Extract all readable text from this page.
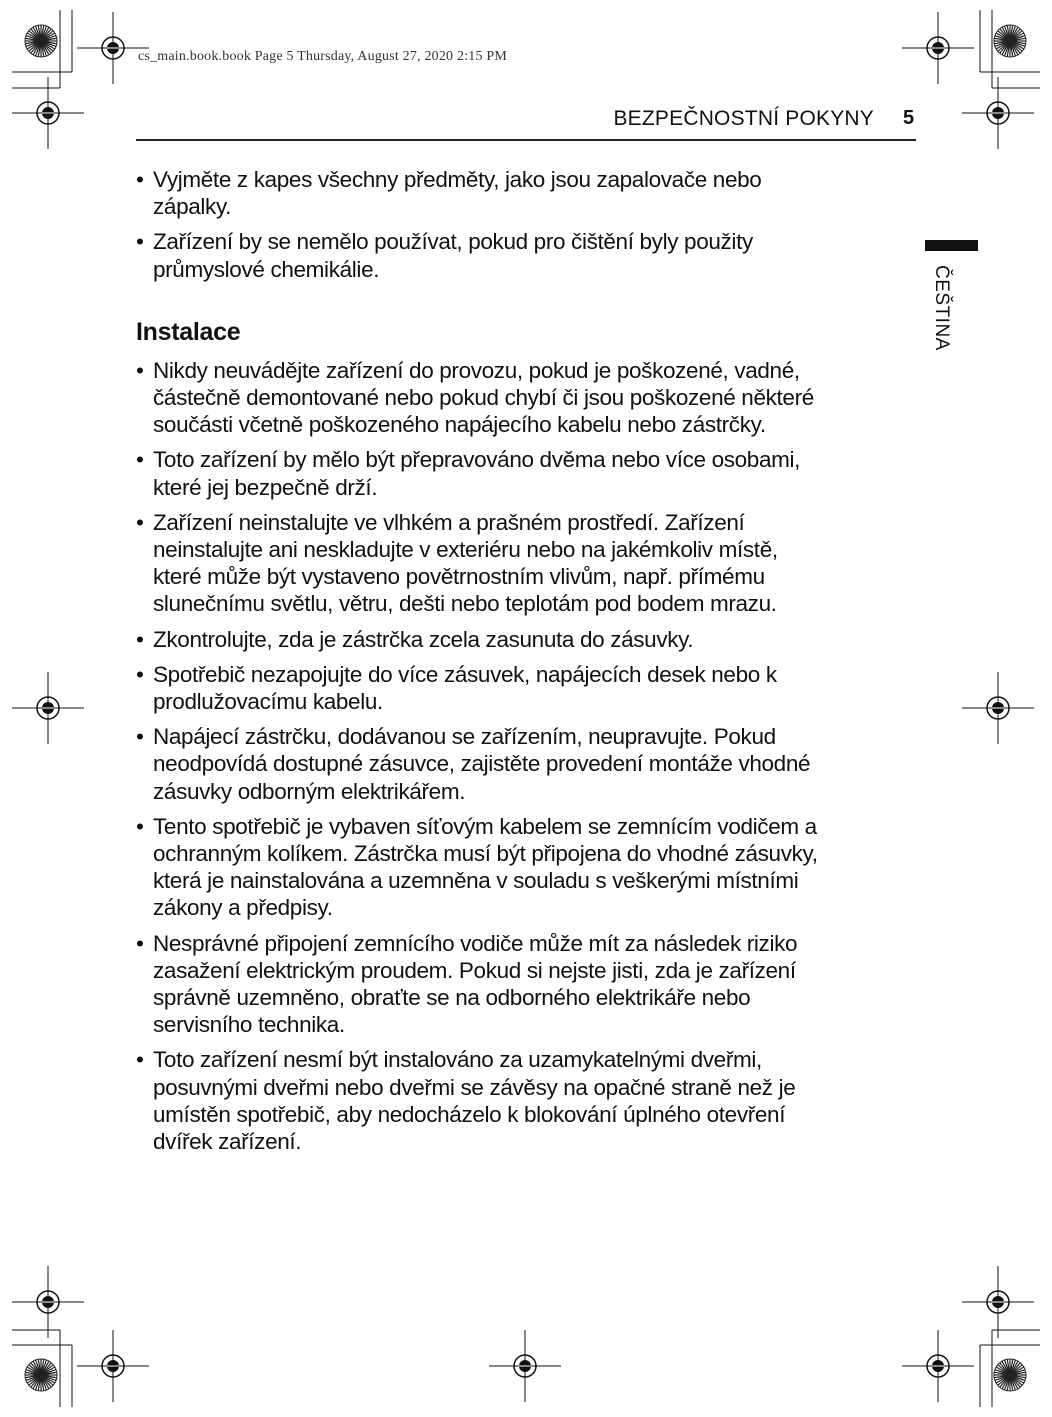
cs_main.book.book Page 5 Thursday, August 27, 2020 2:15 PM
BEZPEČNOSTNÍ POKYNY 5
ČEŠTINA
• Vyjměte z kapes všechny předměty, jako jsou zapalovače nebo
zápalky.
• Zařízení by se nemělo používat, pokud pro čištění byly použity
průmyslové chemikálie.
Instalace
• Nikdy neuvádějte zařízení do provozu, pokud je poškozené, vadné,
částečně demontované nebo pokud chybí či jsou poškozené některé
součásti včetně poškozeného napájecího kabelu nebo zástrčky.
• Toto zařízení by mělo být přepravováno dvěma nebo více osobami,
které jej bezpečně drží.
• Zařízení neinstalujte ve vlhkém a prašném prostředí. Zařízení
neinstalujte ani neskladujte v exteriéru nebo na jakémkoliv místě,
které může být vystaveno povětrnostním vlivům, např. přímému
slunečnímu světlu, větru, dešti nebo teplotám pod bodem mrazu.
• Zkontrolujte, zda je zástrčka zcela zasunuta do zásuvky.
• Spotřebič nezapojujte do více zásuvek, napájecích desek nebo k
prodlužovacímu kabelu.
• Napájecí zástrčku, dodávanou se zařízením, neupravujte. Pokud
neodpovídá dostupné zásuvce, zajistěte provedení montáže vhodné
zásuvky odborným elektrikářem.
• Tento spotřebič je vybaven síťovým kabelem se zemnícím vodičem a
ochranným kolíkem. Zástrčka musí být připojena do vhodné zásuvky,
která je nainstalována a uzemněna v souladu s veškerými místními
zákony a předpisy.
• Nesprávné připojení zemnícího vodiče může mít za následek riziko
zasažení elektrickým proudem. Pokud si nejste jisti, zda je zařízení
správně uzemněno, obraťte se na odborného elektrikáře nebo
servisního technika.
• Toto zařízení nesmí být instalováno za uzamykatelnými dveřmi,
posuvnými dveřmi nebo dveřmi se závěsy na opačné straně než je
umístěn spotřebič, aby nedocházelo k blokování úplného otevření
dvířek zařízení.
